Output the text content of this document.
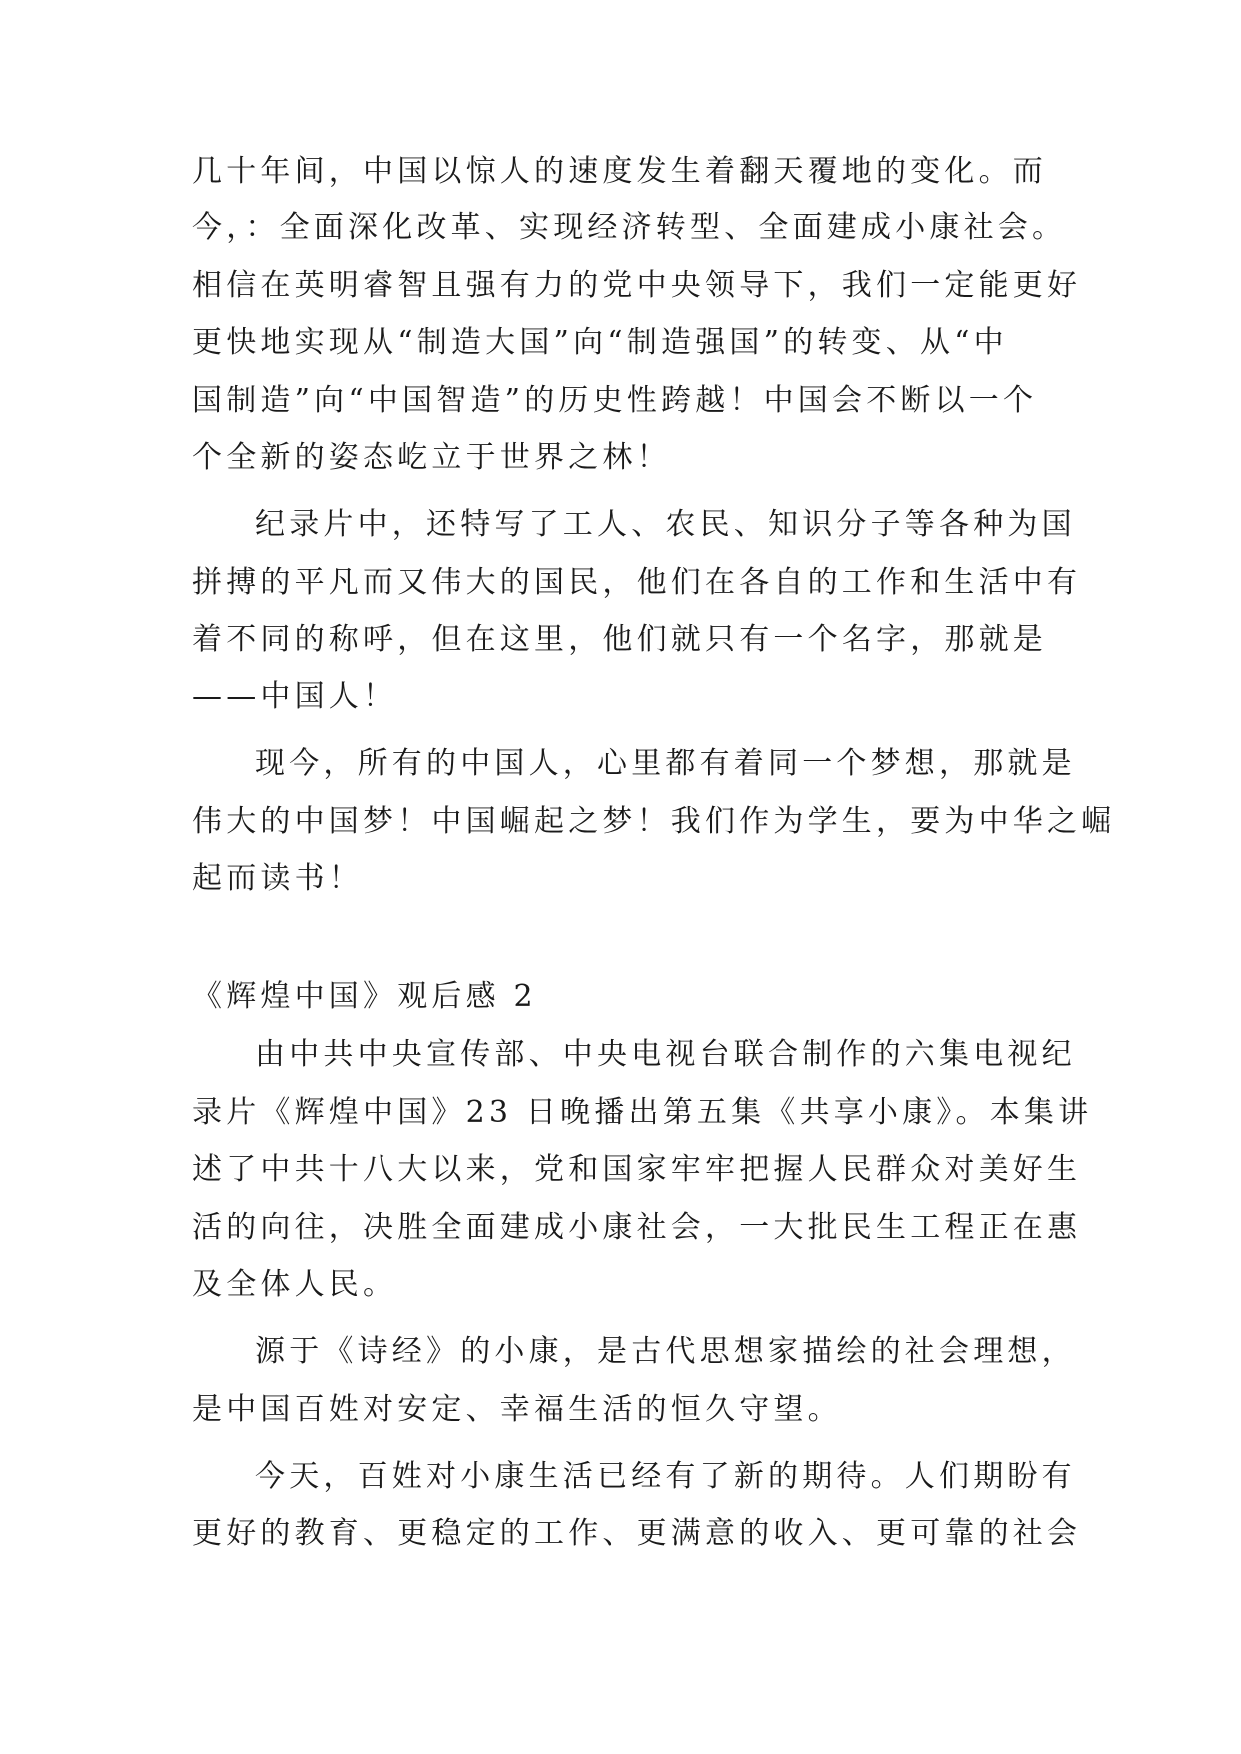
几十年间，中国以惊人的速度发生着翻天覆地的变化。而
今，：全面深化改革、实现经济转型、全面建成小康社会。
相信在英明睿智且强有力的党中央领导下，我们一定能更好
更快地实现从“制造大国”向“制造强国”的转变、从“中
国制造”向“中国智造”的历史性跨越！中国会不断以一个
个全新的姿态屹立于世界之林！
纪录片中，还特写了工人、农民、知识分子等各种为国
拼搏的平凡而又伟大的国民，他们在各自的工作和生活中有
着不同的称呼，但在这里，他们就只有一个名字，那就是
——中国人！
现今，所有的中国人，心里都有着同一个梦想，那就是
伟大的中国梦！中国崛起之梦！我们作为学生，要为中华之崛
起而读书！
《辉煌中国》观后感 2
由中共中央宣传部、中央电视台联合制作的六集电视纪
录片《辉煌中国》23 日晚播出第五集《共享小康》。本集讲
述了中共十八大以来，党和国家牢牢把握人民群众对美好生
活的向往，决胜全面建成小康社会，一大批民生工程正在惠
及全体人民。
源于《诗经》的小康，是古代思想家描绘的社会理想，
是中国百姓对安定、幸福生活的恒久守望。
今天，百姓对小康生活已经有了新的期待。人们期盼有
更好的教育、更稳定的工作、更满意的收入、更可靠的社会
